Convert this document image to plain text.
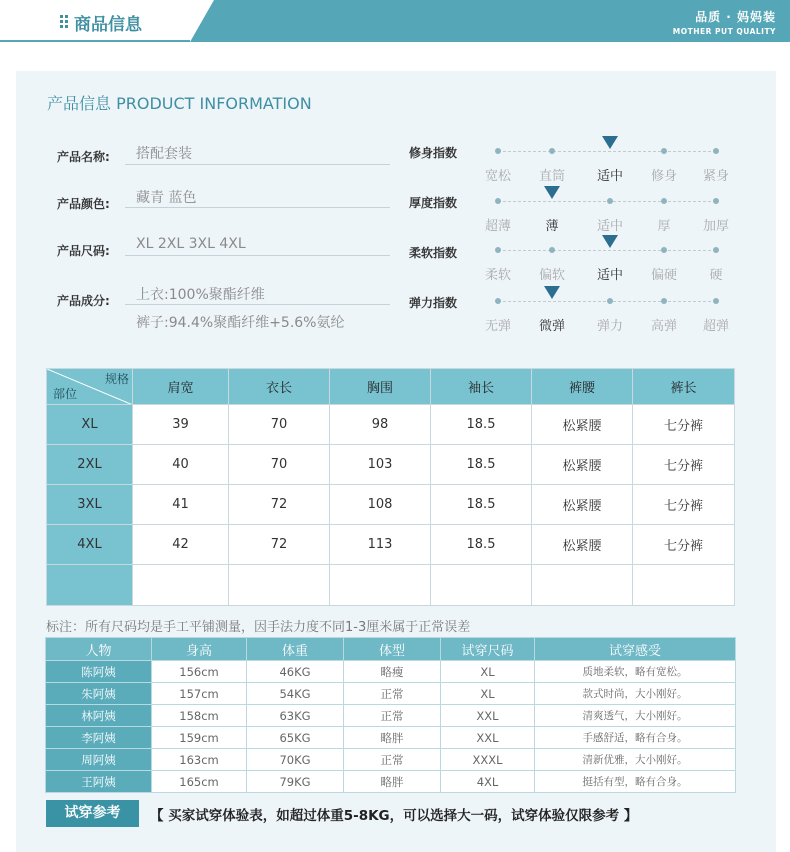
商品信息	品质 · 妈妈装
MOTHER PUT QUALITY
产品信息 PRODUCT INFORMATION
产品名称: 搭配套装
产品颜色: 藏青 蓝色
产品尺码: XL 2XL 3XL 4XL
产品成分: 上衣:100%聚酯纤维
裤子:94.4%聚酯纤维+5.6%氨纶
修身指数
宽松	直筒	适中	修身	紧身
厚度指数
超薄	薄	适中	厚	加厚
柔软指数
柔软	偏软	适中	偏硬	硬
弹力指数
无弹	微弹	弹力	高弹	超弹
规格
部位	肩宽	衣长	胸围	袖长	裤腰	裤长
XL	39	70	98	18.5	松紧腰	七分裤
2XL	40	70	103	18.5	松紧腰	七分裤
3XL	41	72	108	18.5	松紧腰	七分裤
4XL	42	72	113	18.5	松紧腰	七分裤

标注：所有尺码均是手工平铺测量，因手法力度不同1-3厘米属于正常误差
人物	身高	体重	体型	试穿尺码	试穿感受
陈阿姨	156cm	46KG	略瘦	XL	质地柔软，略有宽松。
朱阿姨	157cm	54KG	正常	XL	款式时尚，大小刚好。
林阿姨	158cm	63KG	正常	XXL	清爽透气，大小刚好。
李阿姨	159cm	65KG	略胖	XXL	手感舒适，略有合身。
周阿姨	163cm	70KG	正常	XXXL	清新优雅，大小刚好。
王阿姨	165cm	79KG	略胖	4XL	挺括有型，略有合身。
试穿参考	【 买家试穿体验表，如超过体重5-8KG，可以选择大一码，试穿体验仅限参考 】
